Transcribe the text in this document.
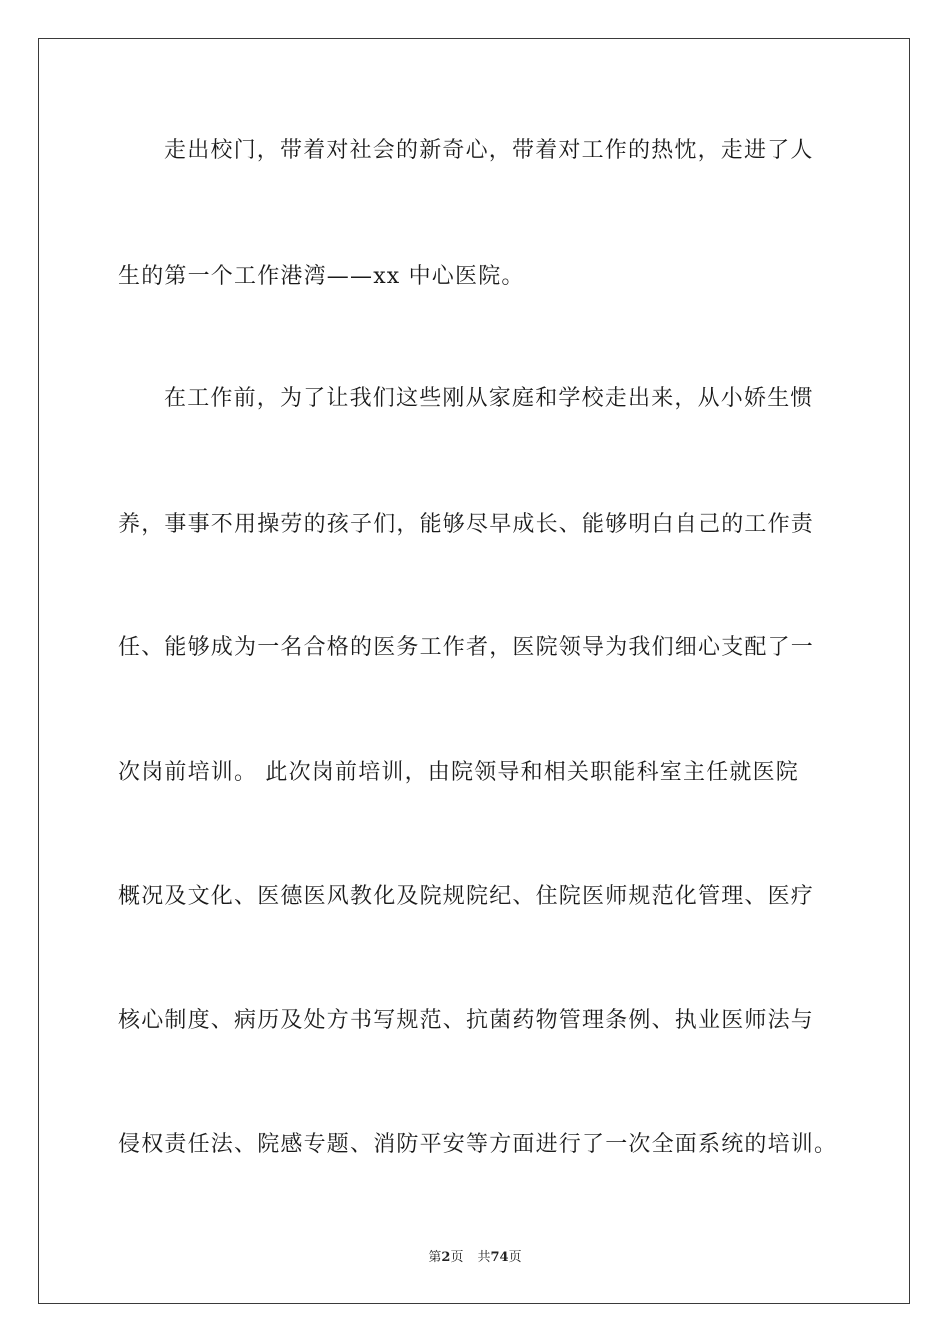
走出校门，带着对社会的新奇心，带着对工作的热忱，走进了人
生的第一个工作港湾——xx 中心医院。
在工作前，为了让我们这些刚从家庭和学校走出来，从小娇生惯
养，事事不用操劳的孩子们，能够尽早成长、能够明白自己的工作责
任、能够成为一名合格的医务工作者，医院领导为我们细心支配了一
次岗前培训。 此次岗前培训，由院领导和相关职能科室主任就医院
概况及文化、医德医风教化及院规院纪、住院医师规范化管理、医疗
核心制度、病历及处方书写规范、抗菌药物管理条例、执业医师法与
侵权责任法、院感专题、消防平安等方面进行了一次全面系统的培训。
第2页 共74页
